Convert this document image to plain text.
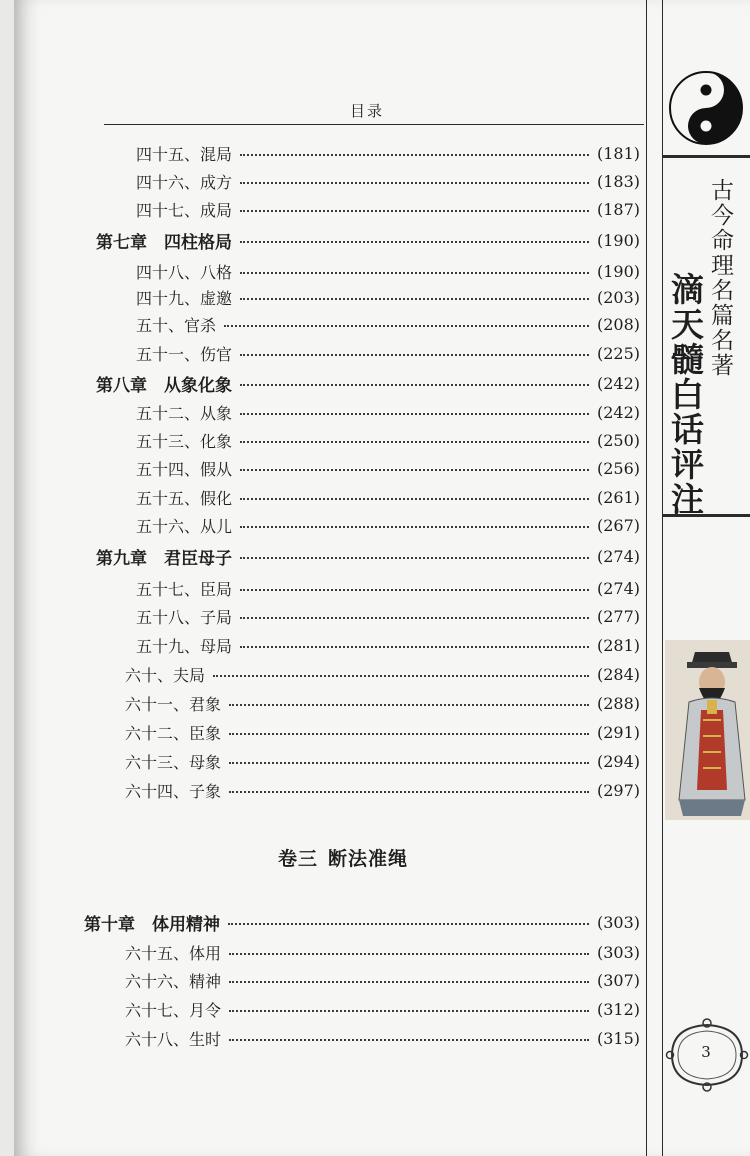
目录
四十五、混局	(181)
四十六、成方	(183)
四十七、成局	(187)
第七章　四柱格局	(190)
四十八、八格	(190)
四十九、虚邀	(203)
五十、官杀	(208)
五十一、伤官	(225)
第八章　从象化象	(242)
五十二、从象	(242)
五十三、化象	(250)
五十四、假从	(256)
五十五、假化	(261)
五十六、从儿	(267)
第九章　君臣母子	(274)
五十七、臣局	(274)
五十八、子局	(277)
五十九、母局	(281)
六十、夫局	(284)
六十一、君象	(288)
六十二、臣象	(291)
六十三、母象	(294)
六十四、子象	(297)
第十章　体用精神	(303)
六十五、体用	(303)
六十六、精神	(307)
六十七、月令	(312)
六十八、生时	(315)
卷三 断法准绳
古今命理名篇名著
滴天髓白话评注
3
